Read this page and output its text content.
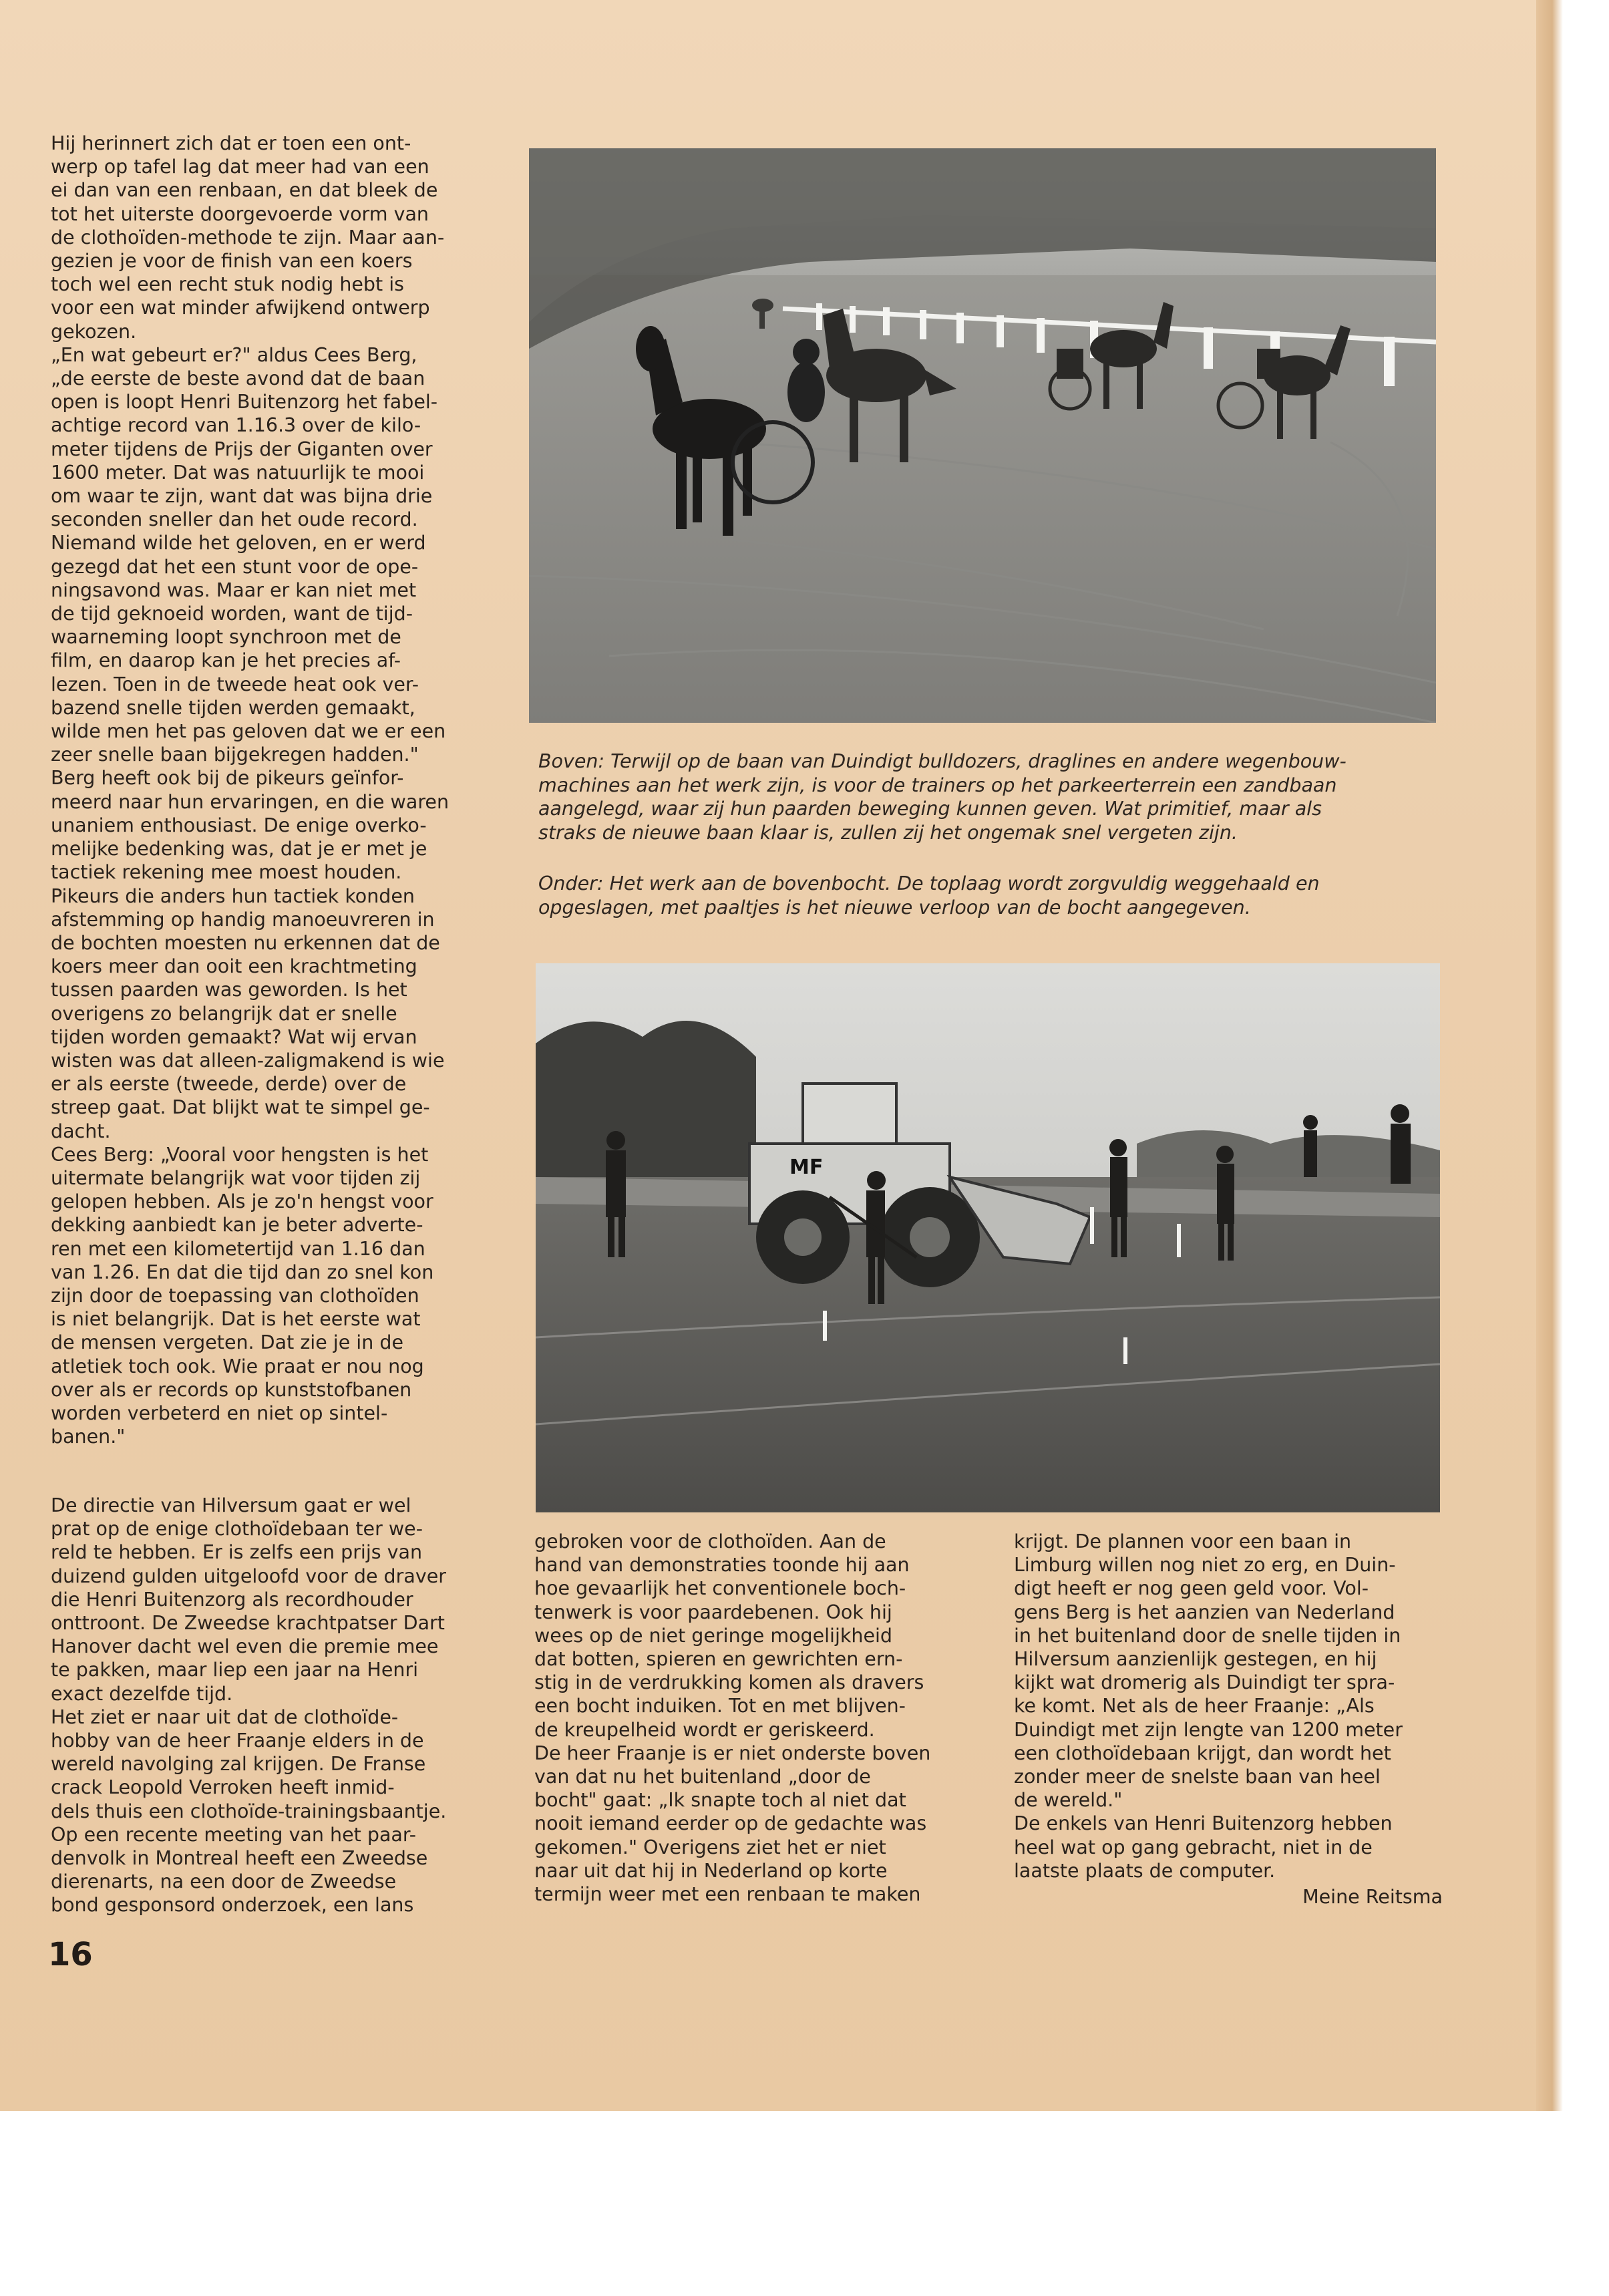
Boven: Terwijl op de baan van Duindigt bulldozers, draglines en andere wegenbouw-
machines aan het werk zijn, is voor de trainers op het parkeerterrein een zandbaan
aangelegd, waar zij hun paarden beweging kunnen geven. Wat primitief, maar als
straks de nieuwe baan klaar is, zullen zij het ongemak snel vergeten zijn.
Onder: Het werk aan de bovenbocht. De toplaag wordt zorgvuldig weggehaald en
opgeslagen, met paaltjes is het nieuwe verloop van de bocht aangegeven.
MF
Hij herinnert zich dat er toen een ont-
werp op tafel lag dat meer had van een
ei dan van een renbaan, en dat bleek de
tot het uiterste doorgevoerde vorm van
de clothoïden-methode te zijn. Maar aan-
gezien je voor de finish van een koers
toch wel een recht stuk nodig hebt is
voor een wat minder afwijkend ontwerp
gekozen.
„En wat gebeurt er?" aldus Cees Berg,
„de eerste de beste avond dat de baan
open is loopt Henri Buitenzorg het fabel-
achtige record van 1.16.3 over de kilo-
meter tijdens de Prijs der Giganten over
1600 meter. Dat was natuurlijk te mooi
om waar te zijn, want dat was bijna drie
seconden sneller dan het oude record.
Niemand wilde het geloven, en er werd
gezegd dat het een stunt voor de ope-
ningsavond was. Maar er kan niet met
de tijd geknoeid worden, want de tijd-
waarneming loopt synchroon met de
film, en daarop kan je het precies af-
lezen. Toen in de tweede heat ook ver-
bazend snelle tijden werden gemaakt,
wilde men het pas geloven dat we er een
zeer snelle baan bijgekregen hadden."
Berg heeft ook bij de pikeurs geïnfor-
meerd naar hun ervaringen, en die waren
unaniem enthousiast. De enige overko-
melijke bedenking was, dat je er met je
tactiek rekening mee moest houden.
Pikeurs die anders hun tactiek konden
afstemming op handig manoeuvreren in
de bochten moesten nu erkennen dat de
koers meer dan ooit een krachtmeting
tussen paarden was geworden. Is het
overigens zo belangrijk dat er snelle
tijden worden gemaakt? Wat wij ervan
wisten was dat alleen-zaligmakend is wie
er als eerste (tweede, derde) over de
streep gaat. Dat blijkt wat te simpel ge-
dacht.
Cees Berg: „Vooral voor hengsten is het
uitermate belangrijk wat voor tijden zij
gelopen hebben. Als je zo'n hengst voor
dekking aanbiedt kan je beter adverte-
ren met een kilometertijd van 1.16 dan
van 1.26. En dat die tijd dan zo snel kon
zijn door de toepassing van clothoïden
is niet belangrijk. Dat is het eerste wat
de mensen vergeten. Dat zie je in de
atletiek toch ook. Wie praat er nou nog
over als er records op kunststofbanen
worden verbeterd en niet op sintel-
banen."
De directie van Hilversum gaat er wel
prat op de enige clothoïdebaan ter we-
reld te hebben. Er is zelfs een prijs van
duizend gulden uitgeloofd voor de draver
die Henri Buitenzorg als recordhouder
onttroont. De Zweedse krachtpatser Dart
Hanover dacht wel even die premie mee
te pakken, maar liep een jaar na Henri
exact dezelfde tijd.
Het ziet er naar uit dat de clothoïde-
hobby van de heer Fraanje elders in de
wereld navolging zal krijgen. De Franse
crack Leopold Verroken heeft inmid-
dels thuis een clothoïde-trainingsbaantje.
Op een recente meeting van het paar-
denvolk in Montreal heeft een Zweedse
dierenarts, na een door de Zweedse
bond gesponsord onderzoek, een lans
gebroken voor de clothoïden. Aan de
hand van demonstraties toonde hij aan
hoe gevaarlijk het conventionele boch-
tenwerk is voor paardebenen. Ook hij
wees op de niet geringe mogelijkheid
dat botten, spieren en gewrichten ern-
stig in de verdrukking komen als dravers
een bocht induiken. Tot en met blijven-
de kreupelheid wordt er geriskeerd.
De heer Fraanje is er niet onderste boven
van dat nu het buitenland „door de
bocht" gaat: „Ik snapte toch al niet dat
nooit iemand eerder op de gedachte was
gekomen." Overigens ziet het er niet
naar uit dat hij in Nederland op korte
termijn weer met een renbaan te maken
krijgt. De plannen voor een baan in
Limburg willen nog niet zo erg, en Duin-
digt heeft er nog geen geld voor. Vol-
gens Berg is het aanzien van Nederland
in het buitenland door de snelle tijden in
Hilversum aanzienlijk gestegen, en hij
kijkt wat dromerig als Duindigt ter spra-
ke komt. Net als de heer Fraanje: „Als
Duindigt met zijn lengte van 1200 meter
een clothoïdebaan krijgt, dan wordt het
zonder meer de snelste baan van heel
de wereld."
De enkels van Henri Buitenzorg hebben
heel wat op gang gebracht, niet in de
laatste plaats de computer.
Meine Reitsma
16
